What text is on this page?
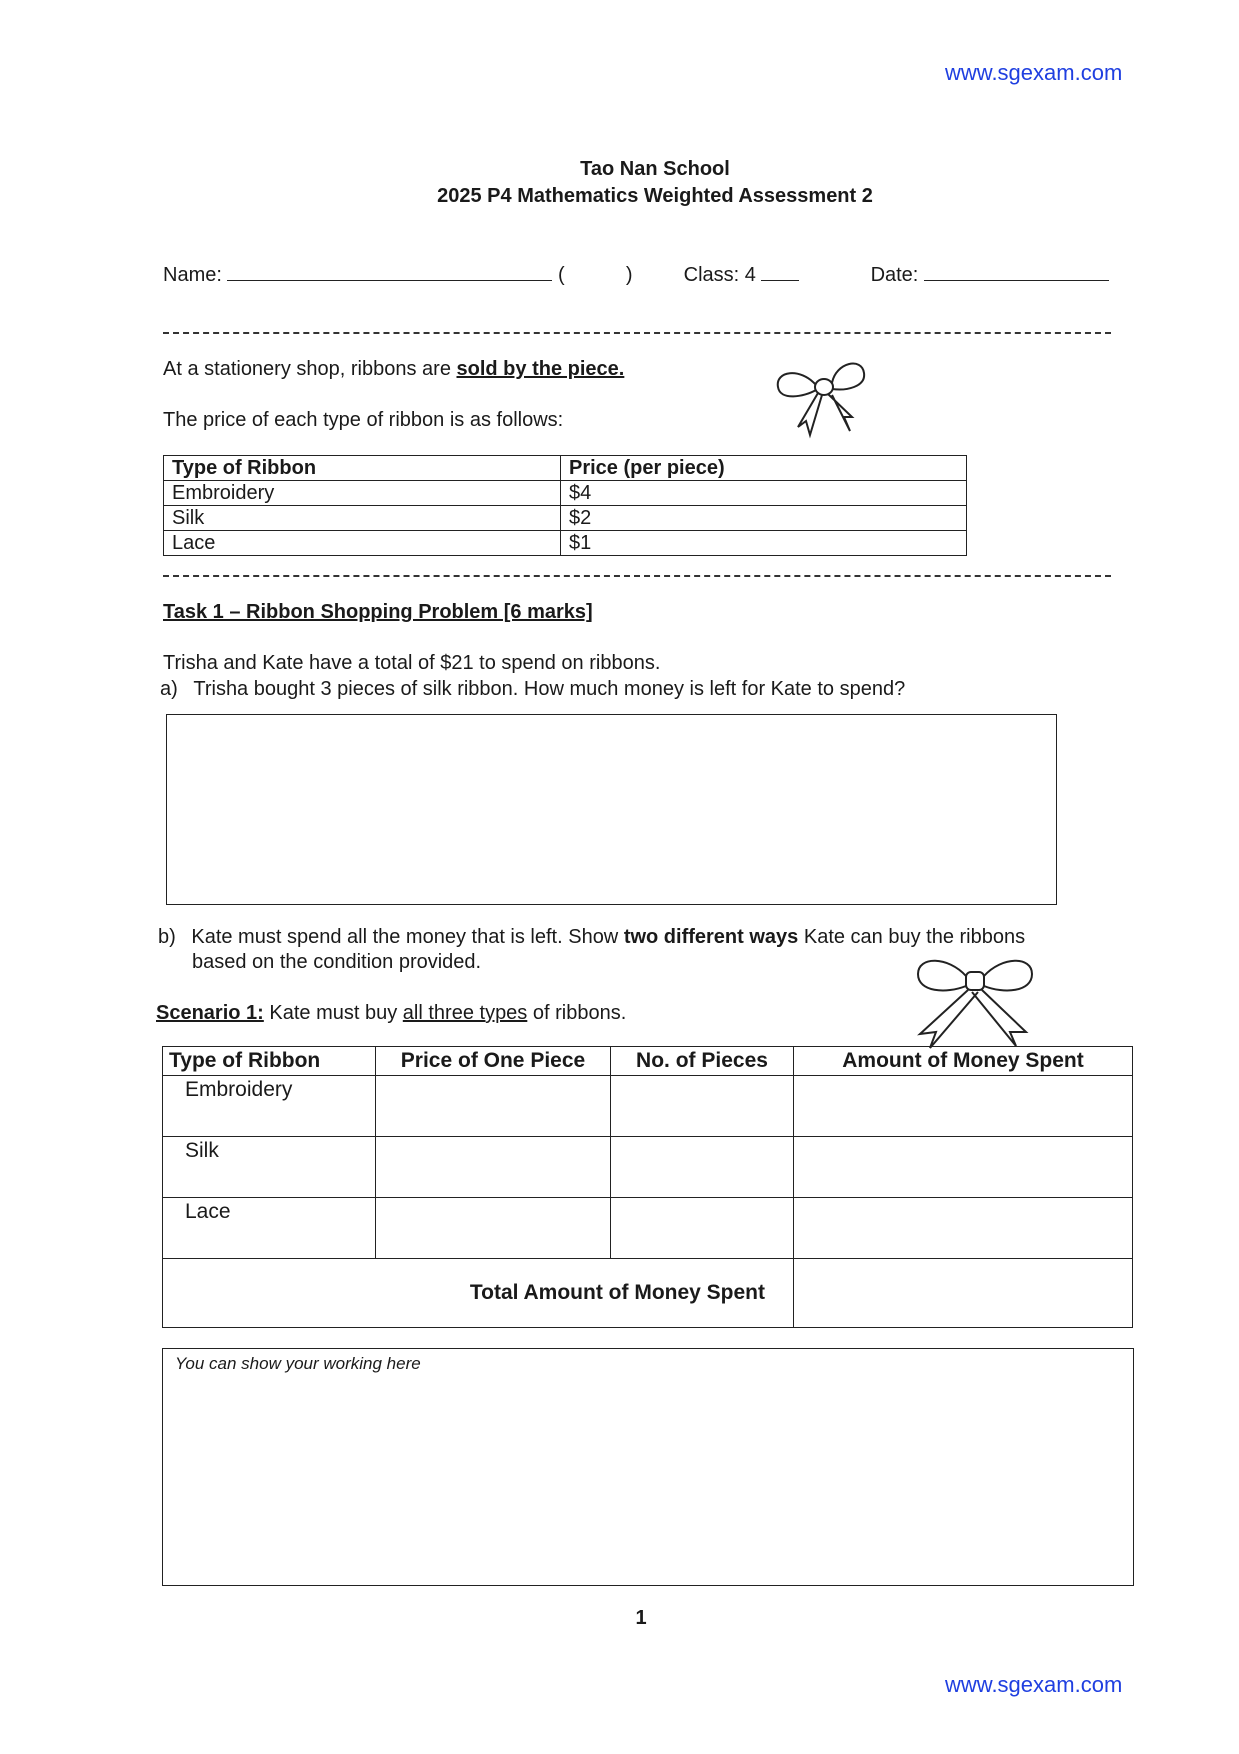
www.sgexam.com
Tao Nan School
2025 P4 Mathematics Weighted Assessment 2
Name:	(	)	Class: 4	Date:
At a stationery shop, ribbons are sold by the piece.
The price of each type of ribbon is as follows:
Type of Ribbon	Price (per piece)
Embroidery	$4
Silk	$2
Lace	$1
Task 1 – Ribbon Shopping Problem [6 marks]
Trisha and Kate have a total of $21 to spend on ribbons.
a) Trisha bought 3 pieces of silk ribbon. How much money is left for Kate to spend?
b) Kate must spend all the money that is left. Show two different ways Kate can buy the ribbons
based on the condition provided.
Scenario 1: Kate must buy all three types of ribbons.
Type of Ribbon	Price of One Piece	No. of Pieces	Amount of Money Spent
Embroidery			
Silk			
Lace			
Total Amount of Money Spent			
You can show your working here
1
www.sgexam.com
